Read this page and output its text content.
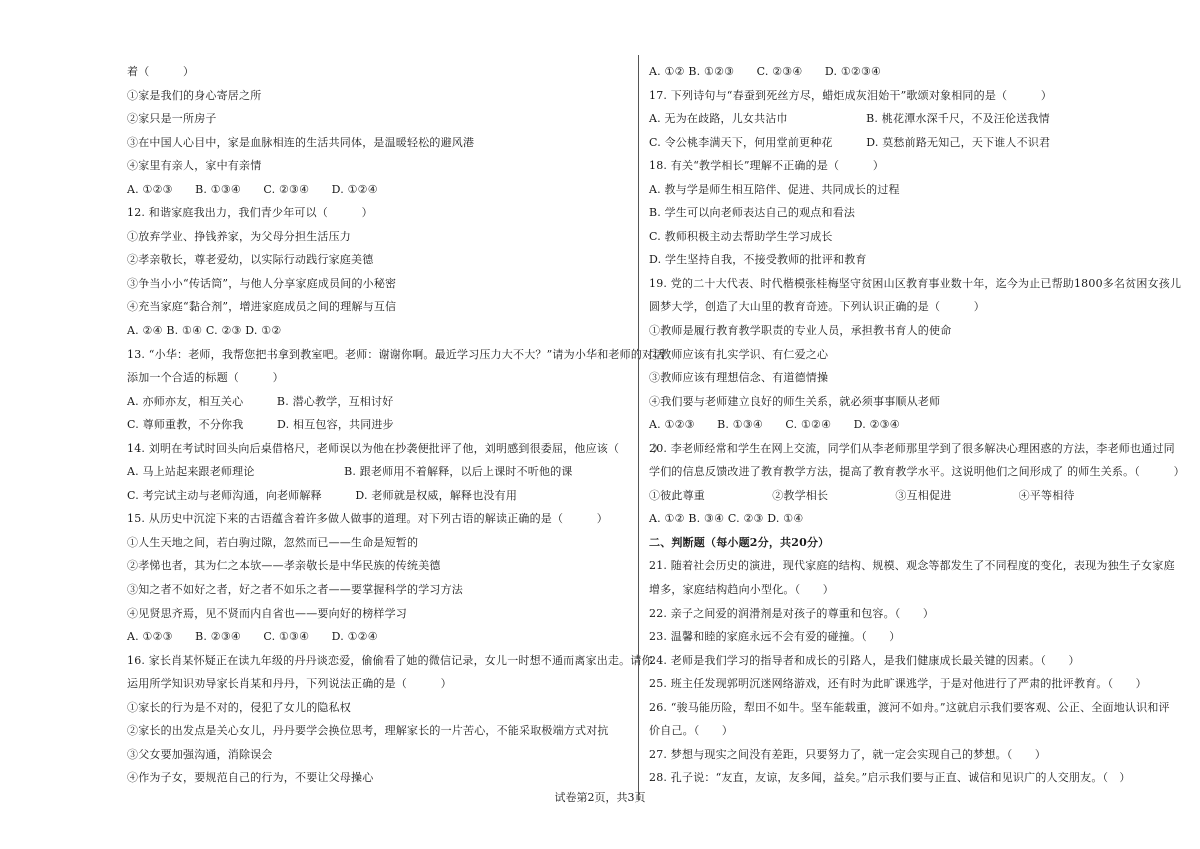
着（　　　）
①家是我们的身心寄居之所
②家只是一所房子
③在中国人心目中，家是血脉相连的生活共同体，是温暖轻松的避风港
④家里有亲人，家中有亲情
A. ①②③　　B. ①③④　　C. ②③④　　D. ①②④
12. 和谐家庭我出力，我们青少年可以（　　　）
①放弃学业、挣钱养家，为父母分担生活压力
②孝亲敬长，尊老爱幼，以实际行动践行家庭美德
③争当小小“传话筒”，与他人分享家庭成员间的小秘密
④充当家庭“黏合剂”，增进家庭成员之间的理解与互信
A. ②④ B. ①④ C. ②③ D. ①②
13. “小华：老师，我帮您把书拿到教室吧。老师：谢谢你啊。最近学习压力大不大？”请为小华和老师的对话
添加一个合适的标题（　　　）
A. 亦师亦友，相互关心　　　B. 潜心教学，互相讨好
C. 尊师重教，不分你我　　　D. 相互包容，共同进步
14. 刘明在考试时回头向后桌借格尺，老师误以为他在抄袭便批评了他，刘明感到很委屈，他应该（　　　）
A. 马上站起来跟老师理论　　　　　　　　B. 跟老师用不着解释，以后上课时不听他的课
C. 考完试主动与老师沟通，向老师解释　　　D. 老师就是权威，解释也没有用
15. 从历史中沉淀下来的古语蕴含着许多做人做事的道理。对下列古语的解读正确的是（　　　）
①人生天地之间，若白驹过隙，忽然而已——生命是短暂的
②孝悌也者，其为仁之本欤——孝亲敬长是中华民族的传统美德
③知之者不如好之者，好之者不如乐之者——要掌握科学的学习方法
④见贤思齐焉，见不贤而内自省也——要向好的榜样学习
A. ①②③　　B. ②③④　　C. ①③④　　D. ①②④
16. 家长肖某怀疑正在读九年级的丹丹谈恋爱，偷偷看了她的微信记录，女儿一时想不通而离家出走。请你
运用所学知识劝导家长肖某和丹丹，下列说法正确的是（　　　）
①家长的行为是不对的，侵犯了女儿的隐私权
②家长的出发点是关心女儿，丹丹要学会换位思考，理解家长的一片苦心，不能采取极端方式对抗
③父女要加强沟通，消除误会
④作为子女，要规范自己的行为，不要让父母操心
A. ①② B. ①②③　　C. ②③④　　D. ①②③④
17. 下列诗句与“春蚕到死丝方尽，蜡炬成灰泪始干”歌颂对象相同的是（　　　）
A. 无为在歧路，儿女共沾巾　　　　　　　B. 桃花潭水深千尺，不及汪伦送我情
C. 令公桃李满天下，何用堂前更种花　　　D. 莫愁前路无知己，天下谁人不识君
18. 有关“教学相长”理解不正确的是（　　　）
A. 教与学是师生相互陪伴、促进、共同成长的过程
B. 学生可以向老师表达自己的观点和看法
C. 教师积极主动去帮助学生学习成长
D. 学生坚持自我，不接受教师的批评和教育
19. 党的二十大代表、时代楷模张桂梅坚守贫困山区教育事业数十年，迄今为止已帮助1800多名贫困女孩儿
圆梦大学，创造了大山里的教育奇迹。下列认识正确的是（　　　）
①教师是履行教育教学职责的专业人员，承担教书育人的使命
②教师应该有扎实学识、有仁爱之心
③教师应该有理想信念、有道德情操
④我们要与老师建立良好的师生关系，就必须事事顺从老师
A. ①②③　　B. ①③④　　C. ①②④　　D. ②③④
20. 李老师经常和学生在网上交流，同学们从李老师那里学到了很多解决心理困惑的方法，李老师也通过同
学们的信息反馈改进了教育教学方法，提高了教育教学水平。这说明他们之间形成了 的师生关系。（　　　）
①彼此尊重　　　　　　②教学相长　　　　　　③互相促进　　　　　　④平等相待
A. ①② B. ③④ C. ②③ D. ①④
二、判断题（每小题2分，共20分）
21. 随着社会历史的演进，现代家庭的结构、规模、观念等都发生了不同程度的变化，表现为独生子女家庭
增多，家庭结构趋向小型化。（　　）
22. 亲子之间爱的润滑剂是对孩子的尊重和包容。（　　）
23. 温馨和睦的家庭永远不会有爱的碰撞。（　　）
24. 老师是我们学习的指导者和成长的引路人，是我们健康成长最关键的因素。（　　）
25. 班主任发现郭明沉迷网络游戏，还有时为此旷课逃学，于是对他进行了严肃的批评教育。（　　）
26. “骏马能历险，犁田不如牛。坚车能载重，渡河不如舟。”这就启示我们要客观、公正、全面地认识和评
价自己。（　　）
27. 梦想与现实之间没有差距，只要努力了，就一定会实现自己的梦想。（　　）
28. 孔子说：“友直，友谅，友多闻，益矣。”启示我们要与正直、诚信和见识广的人交朋友。（　）
试卷第2页，共3页
